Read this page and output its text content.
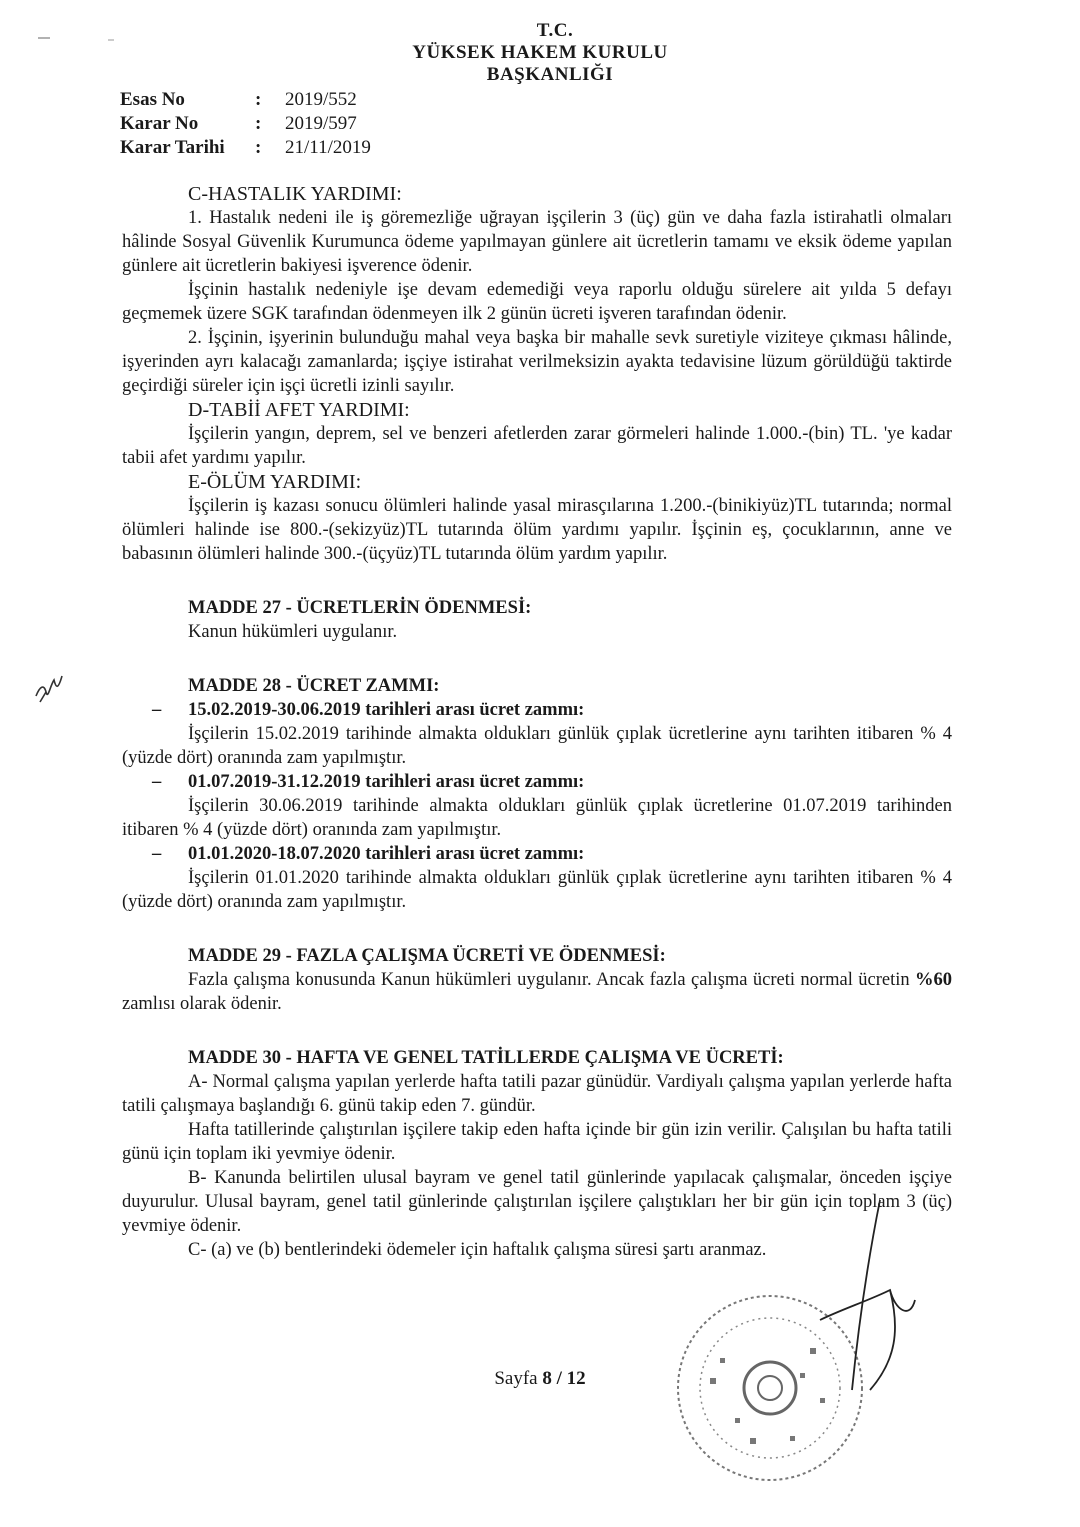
T.C.
YÜKSEK HAKEM KURULU
BAŞKANLIĞI
Esas No	:	2019/552
Karar No	:	2019/597
Karar Tarihi	:	21/11/2019

C-HASTALIK YARDIMI:

1. Hastalık nedeni ile iş göremezliğe uğrayan işçilerin 3 (üç) gün ve daha fazla istirahatli olmaları hâlinde Sosyal Güvenlik Kurumunca ödeme yapılmayan günlere ait ücretlerin tamamı ve eksik ödeme yapılan günlere ait ücretlerin bakiyesi işverence ödenir.

İşçinin hastalık nedeniyle işe devam edemediği veya raporlu olduğu sürelere ait yılda 5 defayı geçmemek üzere SGK tarafından ödenmeyen ilk 2 günün ücreti işveren tarafından ödenir.

2. İşçinin, işyerinin bulunduğu mahal veya başka bir mahalle sevk suretiyle viziteye çıkması hâlinde, işyerinden ayrı kalacağı zamanlarda; işçiye istirahat verilmeksizin ayakta tedavisine lüzum görüldüğü taktirde geçirdiği süreler için işçi ücretli izinli sayılır.

D-TABİİ AFET YARDIMI:

İşçilerin yangın, deprem, sel ve benzeri afetlerden zarar görmeleri halinde 1.000.-(bin) TL. 'ye kadar tabii afet yardımı yapılır.

E-ÖLÜM YARDIMI:

İşçilerin iş kazası sonucu ölümleri halinde yasal mirasçılarına 1.200.-(binikiyüz)TL tutarında; normal ölümleri halinde ise 800.-(sekizyüz)TL tutarında ölüm yardımı yapılır. İşçinin eş, çocuklarının, anne ve babasının ölümleri halinde 300.-(üçyüz)TL tutarında ölüm yardım yapılır.

MADDE 27 - ÜCRETLERİN ÖDENMESİ:

Kanun hükümleri uygulanır.

MADDE 28 - ÜCRET ZAMMI:

–	15.02.2019-30.06.2019 tarihleri arası ücret zammı:

İşçilerin 15.02.2019 tarihinde almakta oldukları günlük çıplak ücretlerine aynı tarihten itibaren % 4 (yüzde dört) oranında zam yapılmıştır.

–	01.07.2019-31.12.2019 tarihleri arası ücret zammı:

İşçilerin 30.06.2019 tarihinde almakta oldukları günlük çıplak ücretlerine 01.07.2019 tarihinden itibaren % 4 (yüzde dört) oranında zam yapılmıştır.

–	01.01.2020-18.07.2020 tarihleri arası ücret zammı:

İşçilerin 01.01.2020 tarihinde almakta oldukları günlük çıplak ücretlerine aynı tarihten itibaren % 4 (yüzde dört) oranında zam yapılmıştır.

MADDE 29 - FAZLA ÇALIŞMA ÜCRETİ VE ÖDENMESİ:

Fazla çalışma konusunda Kanun hükümleri uygulanır. Ancak fazla çalışma ücreti normal ücretin %60 zamlısı olarak ödenir.

MADDE 30 - HAFTA VE GENEL TATİLLERDE ÇALIŞMA VE ÜCRETİ:

A- Normal çalışma yapılan yerlerde hafta tatili pazar günüdür. Vardiyalı çalışma yapılan yerlerde hafta tatili çalışmaya başlandığı 6. günü takip eden 7. gündür.

Hafta tatillerinde çalıştırılan işçilere takip eden hafta içinde bir gün izin verilir. Çalışılan bu hafta tatili günü için toplam iki yevmiye ödenir.

B- Kanunda belirtilen ulusal bayram ve genel tatil günlerinde yapılacak çalışmalar, önceden işçiye duyurulur. Ulusal bayram, genel tatil günlerinde çalıştırılan işçilere çalıştıkları her bir gün için toplam 3 (üç) yevmiye ödenir.

C- (a) ve (b) bentlerindeki ödemeler için haftalık çalışma süresi şartı aranmaz.

Sayfa 8 / 12
